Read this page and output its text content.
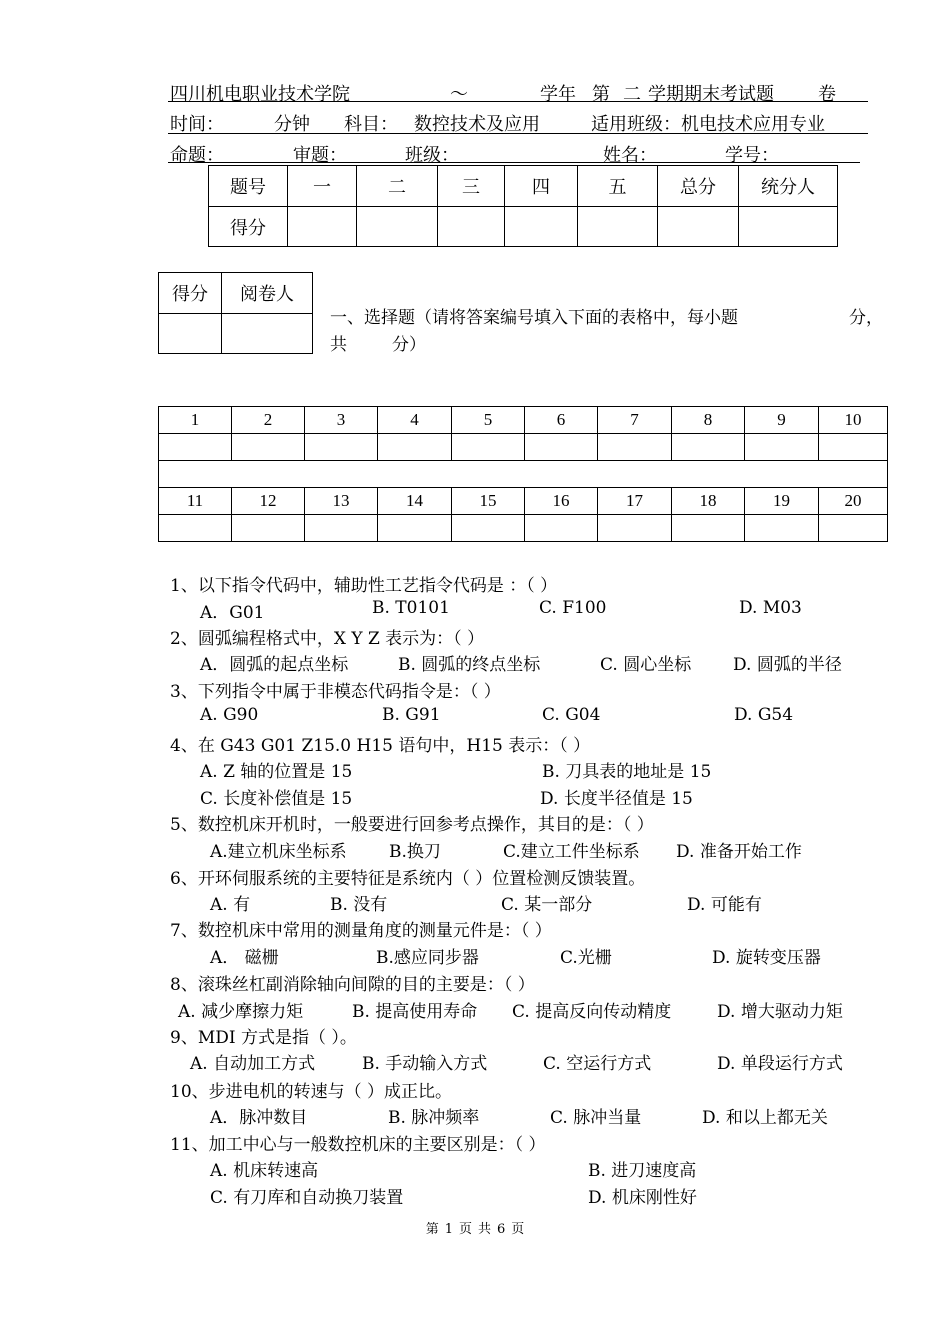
四川机电职业技术学院	～	学年 第 二 学期期末考试题 卷
时间：	分钟 科目： 数控技术及应用	适用班级：机电技术应用专业
命题：	审题：	班级：	姓名：	学号：
题号	一	二	三	四	五	总分	统分人
得分							
得分	阅卷人

一、选择题（请将答案编号填入下面的表格中，每小题	分，
共	分）
1	2	3	4	5	6	7	8	9	10

11	12	13	14	15	16	17	18	19	20

1、以下指令代码中，辅助性工艺指令代码是 ：（ ）
A．G01	B. T0101	C. F100	D. M03
2、圆弧编程格式中，X Y Z 表示为：（ ）
A．圆弧的起点坐标	B. 圆弧的终点坐标	C. 圆心坐标 D. 圆弧的半径
3、下列指令中属于非模态代码指令是：（ ）
A. G90	B. G91	C. G04	D. G54
4、在 G43 G01 Z15.0 H15 语句中，H15 表示：（ ）
A. Z 轴的位置是 15	B. 刀具表的地址是 15
C. 长度补偿值是 15	D. 长度半径值是 15
5、数控机床开机时，一般要进行回参考点操作，其目的是：（ ）
A.建立机床坐标系 B.换刀	C.建立工件坐标系 D. 准备开始工作
6、开环伺服系统的主要特征是系统内（ ）位置检测反馈装置。
A. 有	B. 没有	C. 某一部分	D. 可能有
7、数控机床中常用的测量角度的测量元件是：（ ）
A． 磁栅	B.感应同步器	C.光栅	D. 旋转变压器
8、滚珠丝杠副消除轴向间隙的目的主要是：（ ）
A. 减少摩擦力矩	B. 提高使用寿命 C. 提高反向传动精度	D. 增大驱动力矩
9、MDI 方式是指（ ）。
A. 自动加工方式	B. 手动输入方式	C. 空运行方式	D. 单段运行方式
10、步进电机的转速与（ ）成正比。
A．脉冲数目	B. 脉冲频率	C. 脉冲当量	D. 和以上都无关
11、加工中心与一般数控机床的主要区别是：（ ）
A. 机床转速高	B. 进刀速度高
C. 有刀库和自动换刀装置	D. 机床刚性好
第 1 页 共 6 页
